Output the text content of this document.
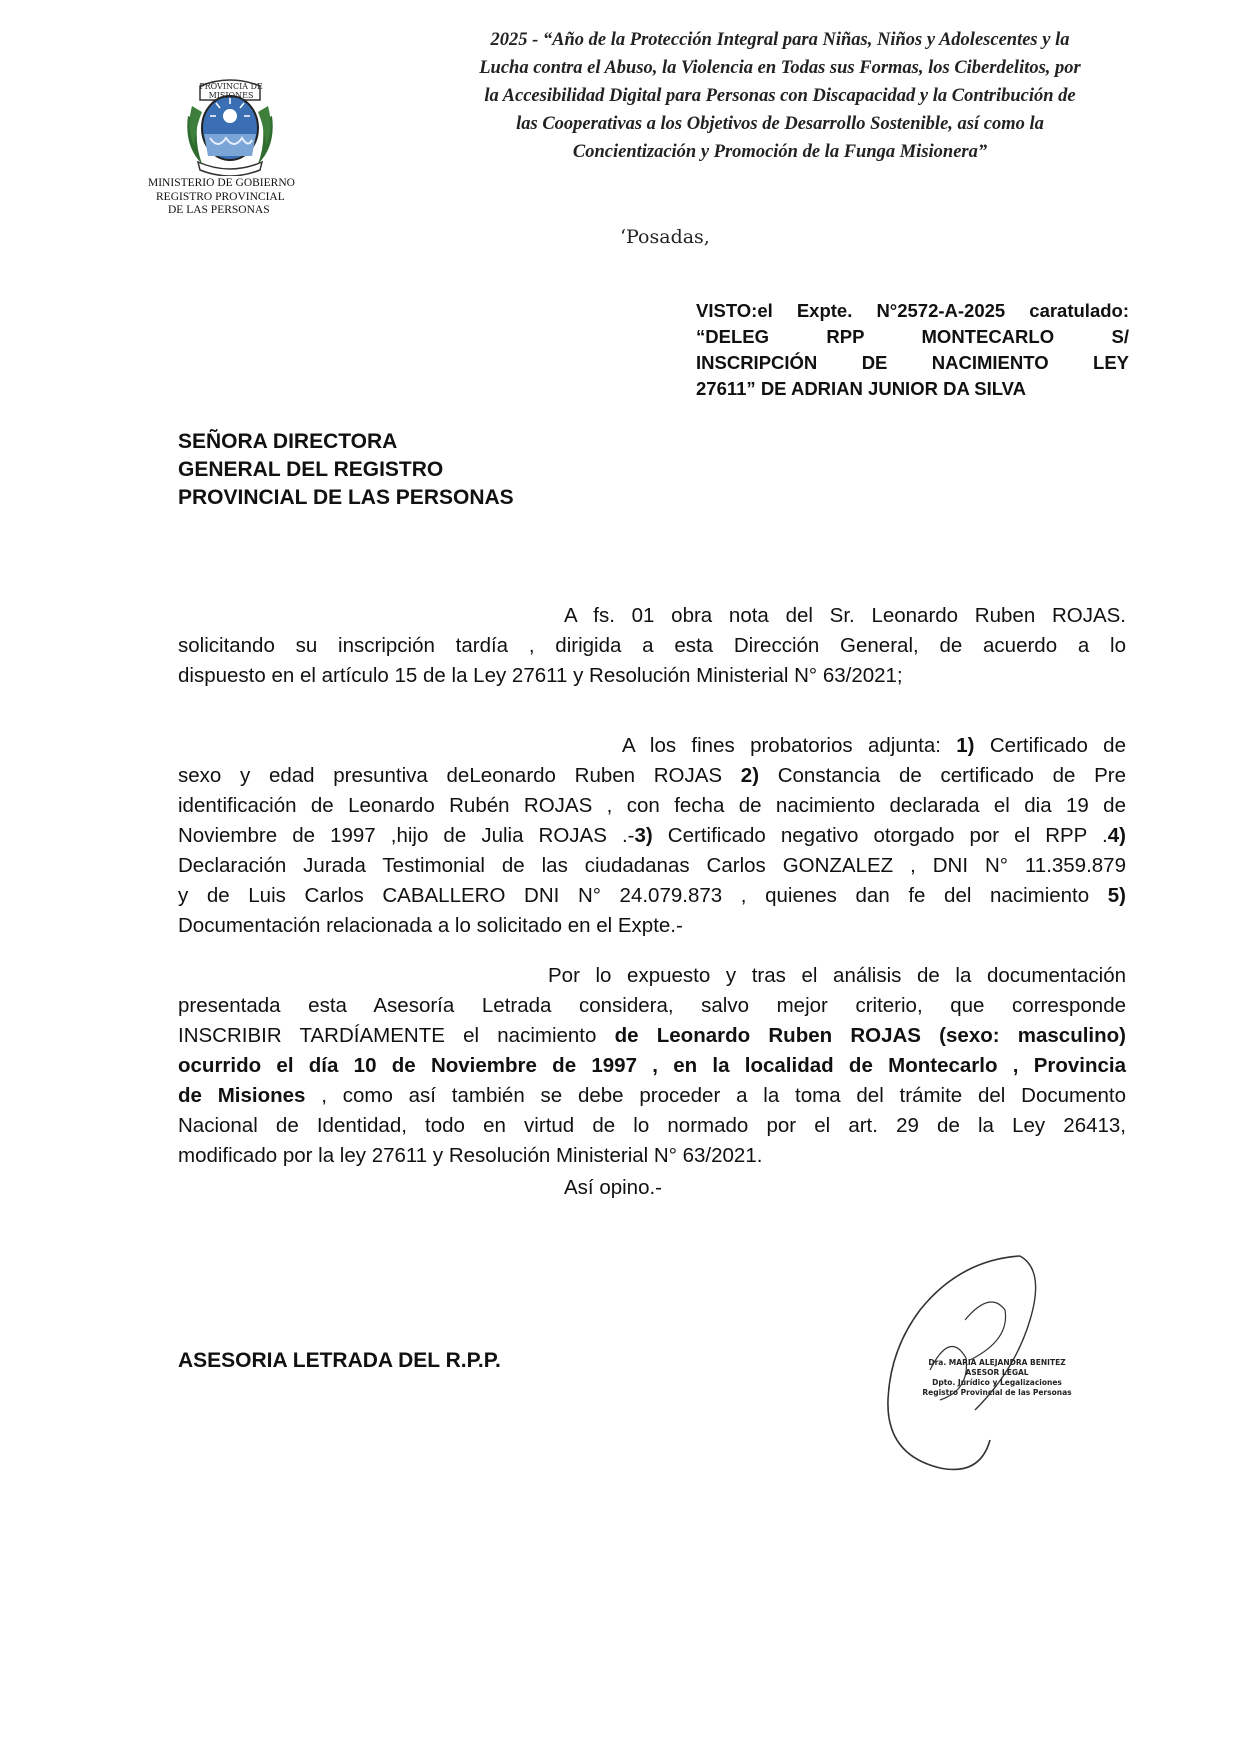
PROVINCIA DE MISIONES
MINISTERIO DE GOBIERNO
REGISTRO PROVINCIAL
DE LAS PERSONAS
2025 - “Año de la Protección Integral para Niñas, Niños y Adolescentes y la
Lucha contra el Abuso, la Violencia en Todas sus Formas, los Ciberdelitos, por
la Accesibilidad Digital para Personas con Discapacidad y la Contribución de
las Cooperativas a los Objetivos de Desarrollo Sostenible, así como la
Concientización y Promoción de la Funga Misionera”
‘Posadas,
VISTO:el Expte. N°2572-A-2025 caratulado:
“DELEG RPP MONTECARLO S/
INSCRIPCIÓN DE NACIMIENTO LEY
27611” DE ADRIAN JUNIOR DA SILVA
SEÑORA DIRECTORA
GENERAL DEL REGISTRO
PROVINCIAL DE LAS PERSONAS
A fs. 01 obra nota del Sr. Leonardo Ruben ROJAS.
solicitando su inscripción tardía , dirigida a esta Dirección General, de acuerdo a lo
dispuesto en el artículo 15 de la Ley 27611 y Resolución Ministerial N° 63/2021;
A los fines probatorios adjunta: 1) Certificado de
sexo y edad presuntiva deLeonardo Ruben ROJAS 2) Constancia de certificado de Pre
identificación de Leonardo Rubén ROJAS , con fecha de nacimiento declarada el dia 19 de
Noviembre de 1997 ,hijo de Julia ROJAS .-3) Certificado negativo otorgado por el RPP .4)
Declaración Jurada Testimonial de las ciudadanas Carlos GONZALEZ , DNI N° 11.359.879
y de Luis Carlos CABALLERO DNI N° 24.079.873 , quienes dan fe del nacimiento 5)
Documentación relacionada a lo solicitado en el Expte.-
Por lo expuesto y tras el análisis de la documentación
presentada esta Asesoría Letrada considera, salvo mejor criterio, que corresponde
INSCRIBIR TARDÍAMENTE el nacimiento de Leonardo Ruben ROJAS (sexo: masculino)
ocurrido el día 10 de Noviembre de 1997 , en la localidad de Montecarlo , Provincia
de Misiones , como así también se debe proceder a la toma del trámite del Documento
Nacional de Identidad, todo en virtud de lo normado por el art. 29 de la Ley 26413,
modificado por la ley 27611 y Resolución Ministerial N° 63/2021.
Así opino.-
ASESORIA LETRADA DEL R.P.P.	Dra. MARIA ALEJANDRA BENITEZ
ASESOR LEGAL
Dpto. Jurídico y Legalizaciones
Registro Provincial de las Personas
